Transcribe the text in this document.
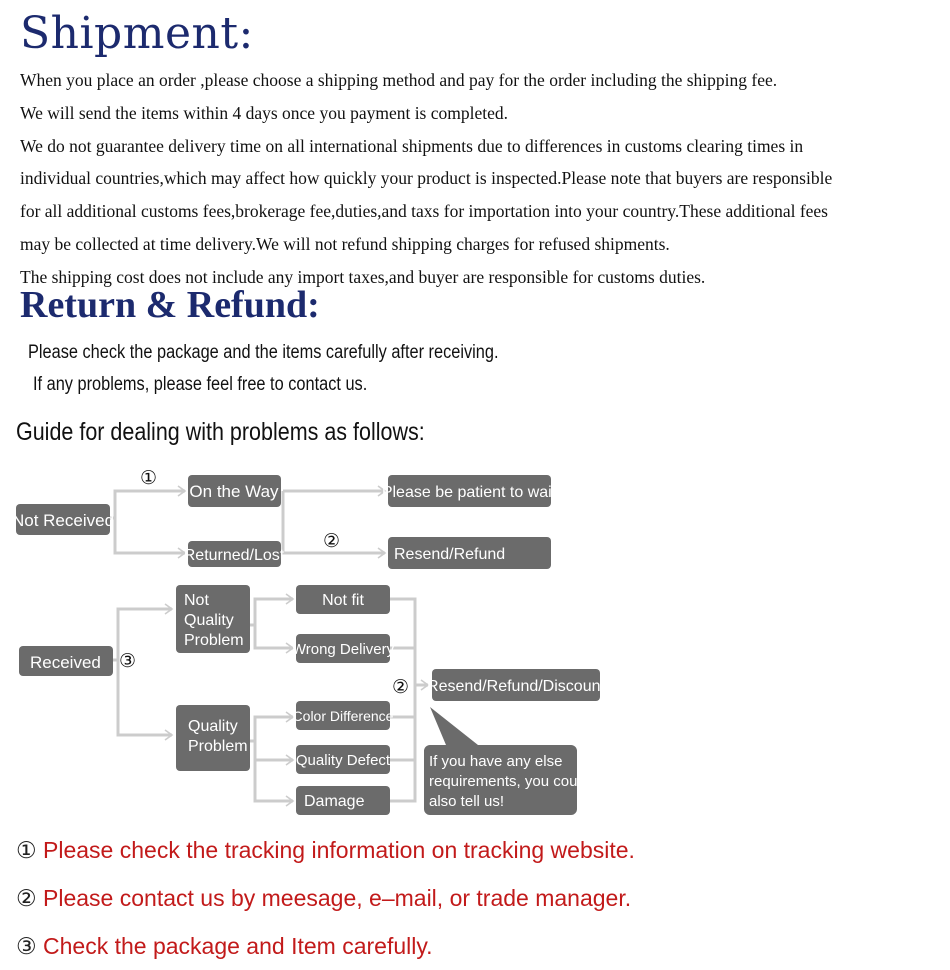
Shipment:
When you place an order ,please choose a shipping method and pay for the order including the shipping fee.
We will send the items within 4 days once you payment is completed.
We do not guarantee delivery time on all international shipments due to differences in customs clearing times in
individual countries,which may affect how quickly your product is inspected.Please note that buyers are responsible
for all additional customs fees,brokerage fee,duties,and taxs for importation into your country.These additional fees
may be collected at time delivery.We will not refund shipping charges for refused shipments.
The shipping cost does not include any import taxes,and buyer are responsible for customs duties.
Return & Refund:
Please check the package and the items carefully after receiving.
If any problems, please feel free to contact us.
Guide for dealing with problems as follows:
Not Received
On the Way
Returned/Lost
Please be patient to wait
Resend/Refund
Received
Not
Quality
Problem
Quality
Problem
Not fit
Wrong Delivery
Color Difference
Quality Defect
Damage
Resend/Refund/Discount
If you have any else
requirements, you could
also tell us!
①
②
③
②
① Please check the tracking information on tracking website.
② Please contact us by meesage, e–mail, or trade manager.
③ Check the package and Item carefully.
